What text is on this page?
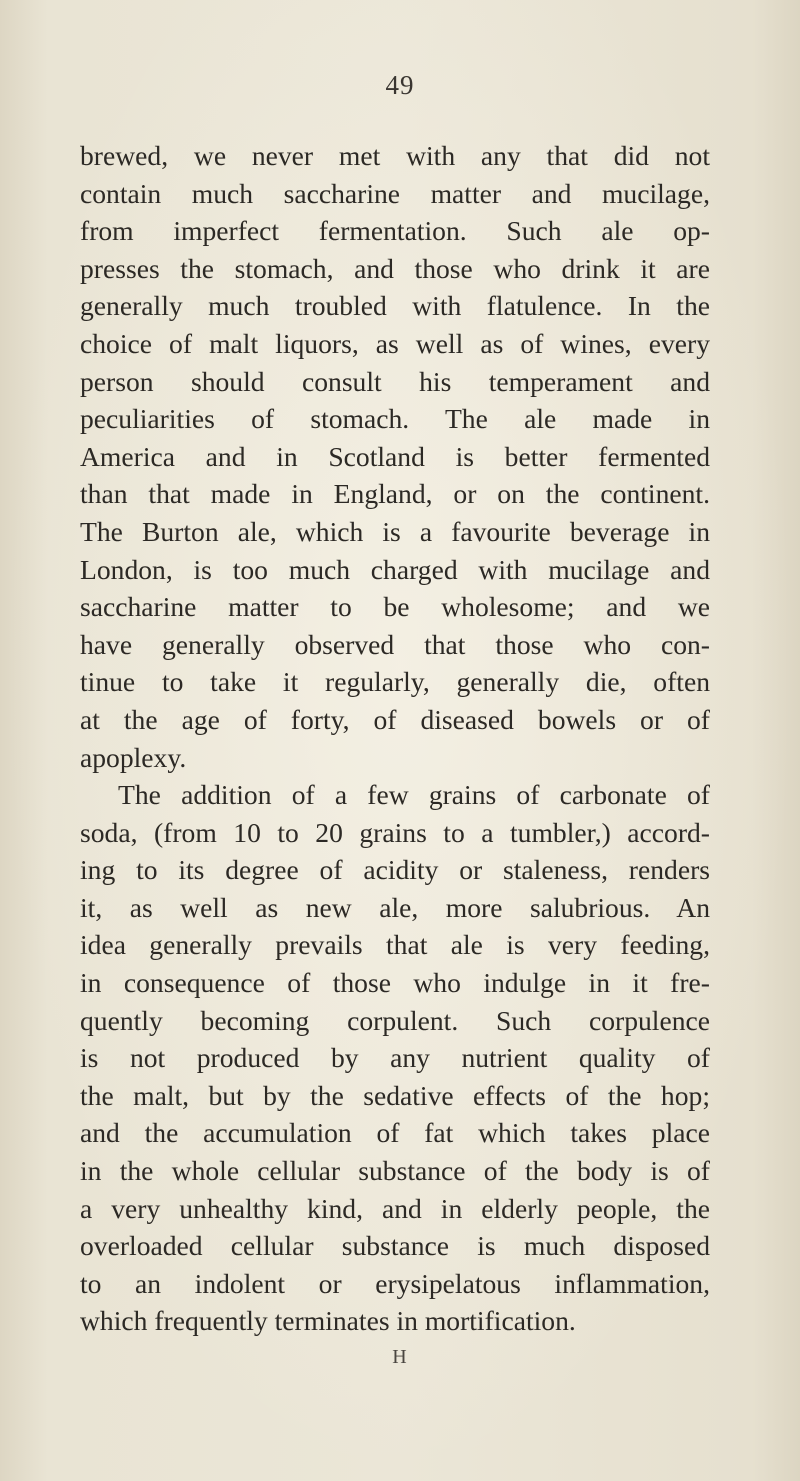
49
brewed, we never met with any that did not
contain much saccharine matter and mucilage,
from imperfect fermentation. Such ale op-
presses the stomach, and those who drink it are
generally much troubled with flatulence. In the
choice of malt liquors, as well as of wines, every
person should consult his temperament and
peculiarities of stomach. The ale made in
America and in Scotland is better fermented
than that made in England, or on the continent.
The Burton ale, which is a favourite beverage in
London, is too much charged with mucilage and
saccharine matter to be wholesome; and we
have generally observed that those who con-
tinue to take it regularly, generally die, often
at the age of forty, of diseased bowels or of
apoplexy.
The addition of a few grains of carbonate of
soda, (from 10 to 20 grains to a tumbler,) accord-
ing to its degree of acidity or staleness, renders
it, as well as new ale, more salubrious. An
idea generally prevails that ale is very feeding,
in consequence of those who indulge in it fre-
quently becoming corpulent. Such corpulence
is not produced by any nutrient quality of
the malt, but by the sedative effects of the hop;
and the accumulation of fat which takes place
in the whole cellular substance of the body is of
a very unhealthy kind, and in elderly people, the
overloaded cellular substance is much disposed
to an indolent or erysipelatous inflammation,
which frequently terminates in mortification.
H
